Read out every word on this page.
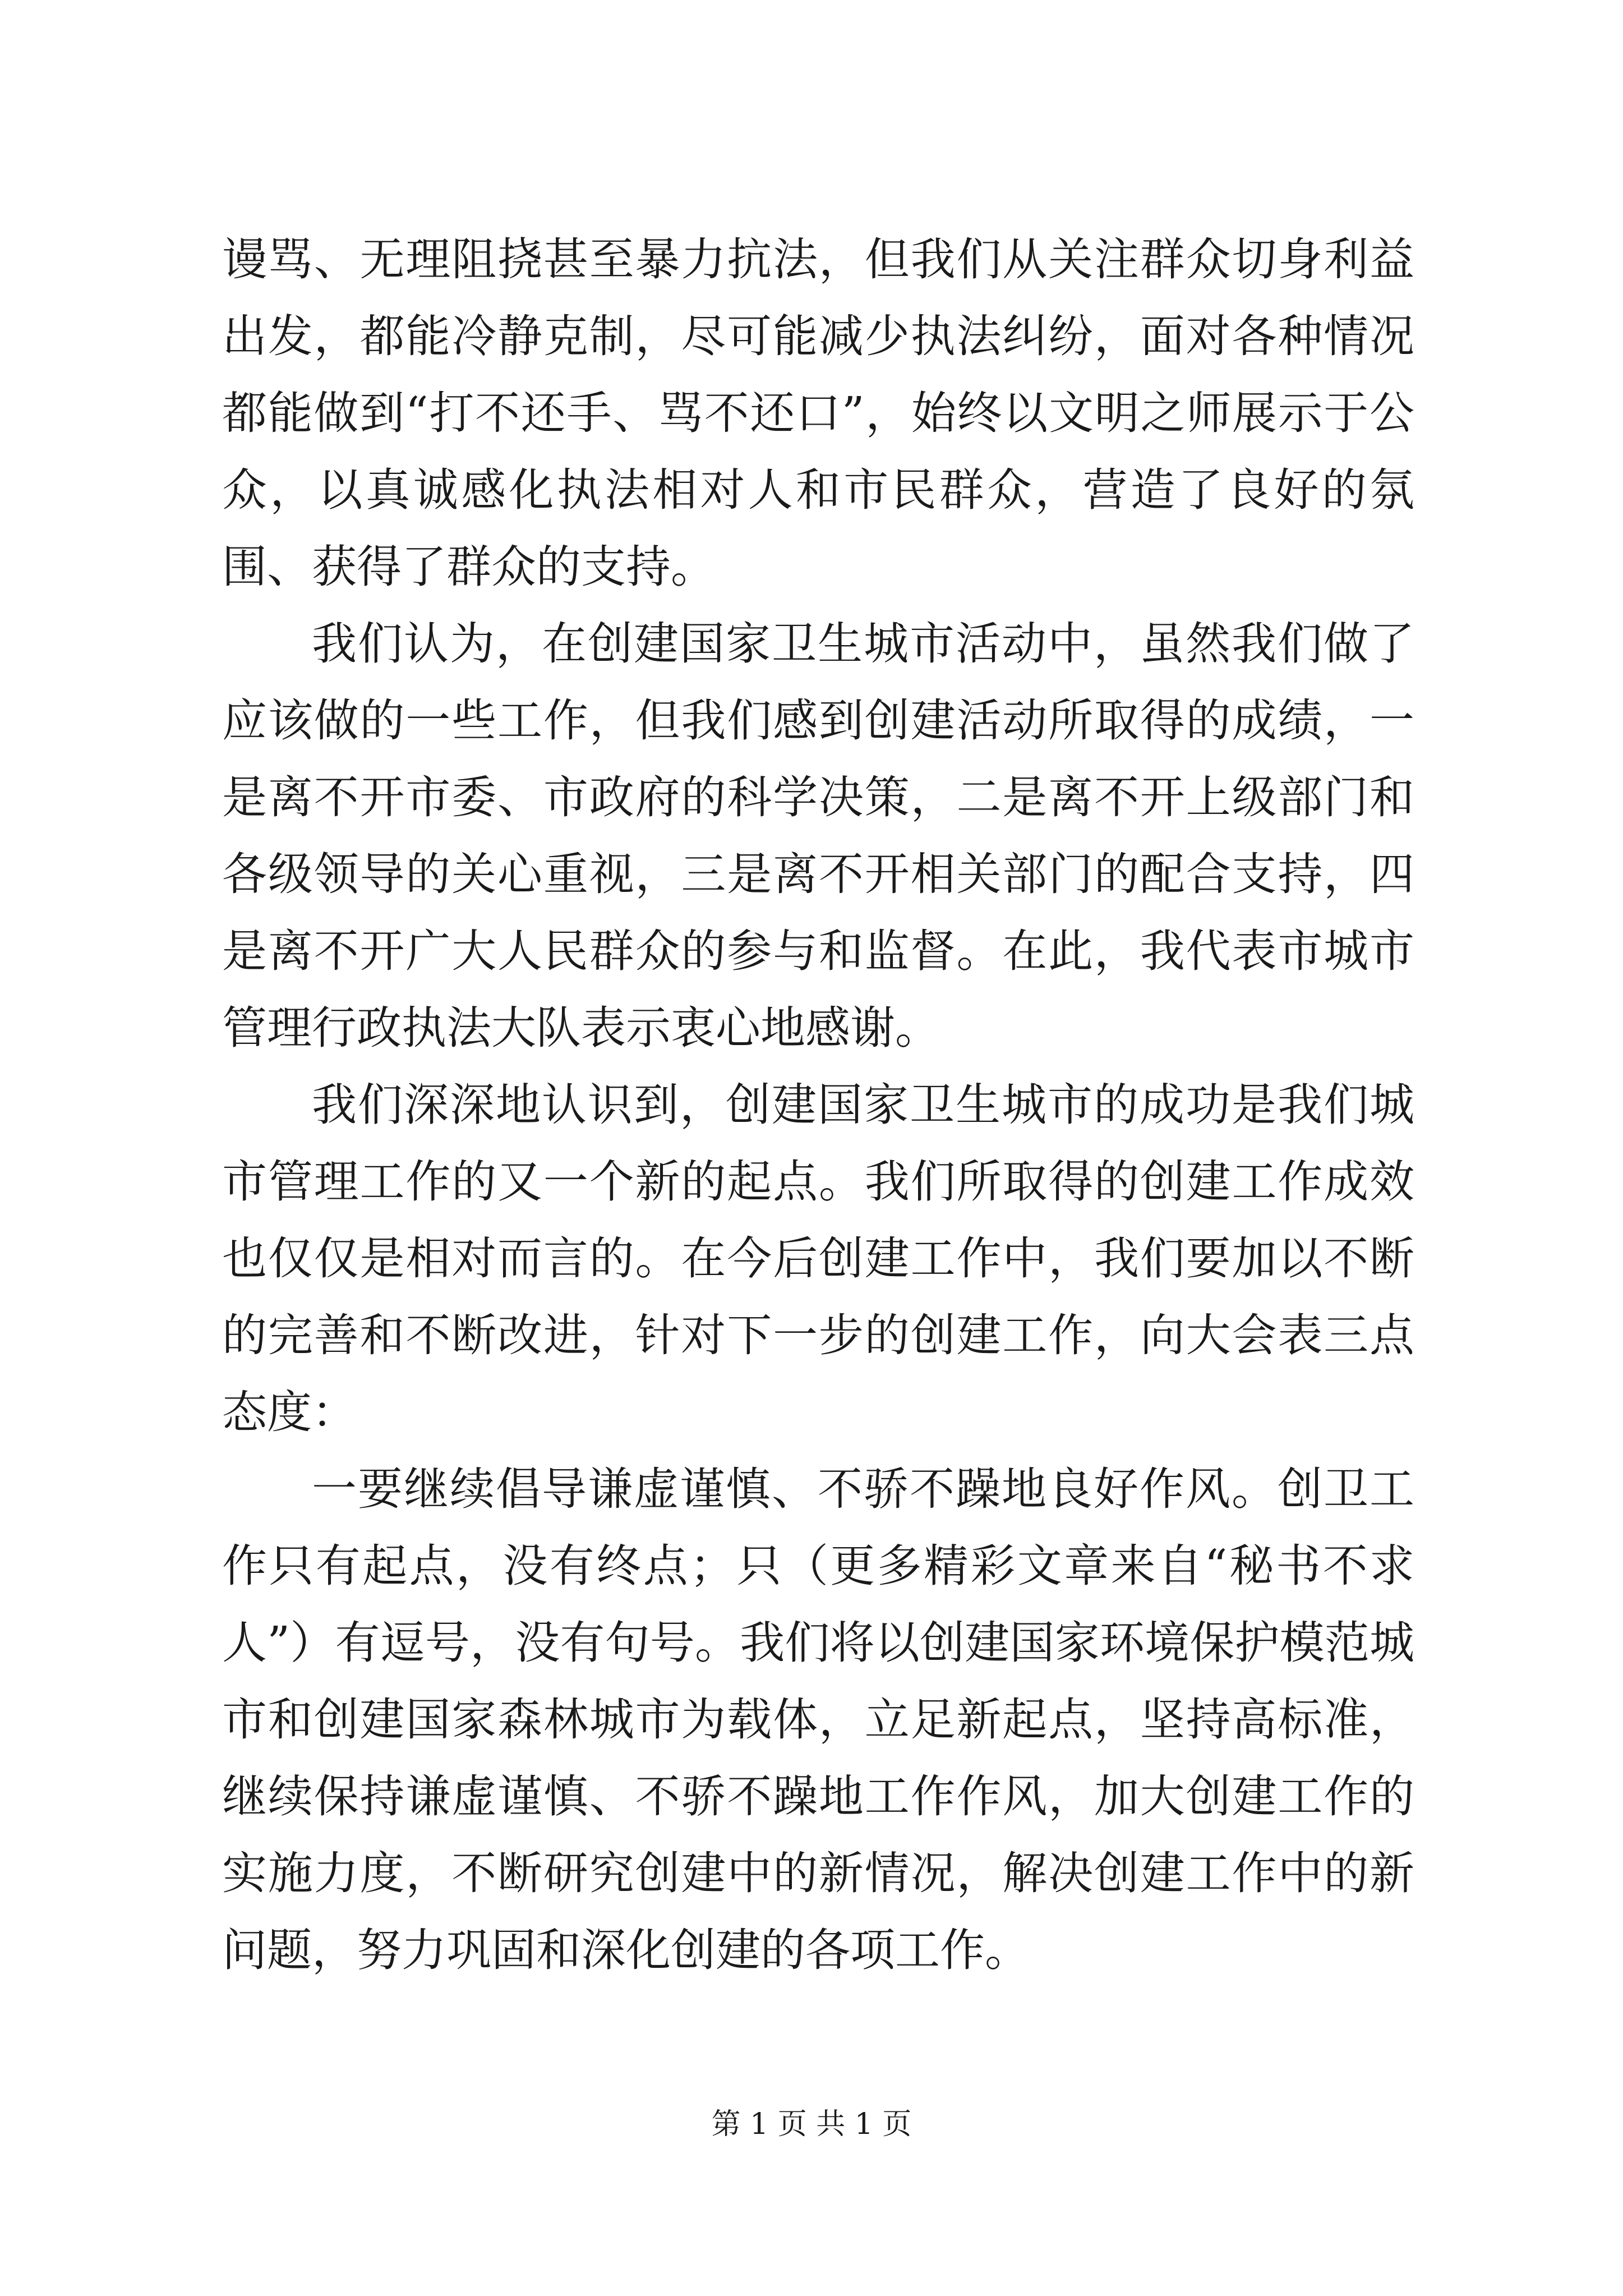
谩骂、无理阻挠甚至暴力抗法，但我们从关注群众切身利益出发，都能冷静克制，尽可能减少执法纠纷，面对各种情况都能做到“打不还手、骂不还口”，始终以文明之师展示于公众，以真诚感化执法相对人和市民群众，营造了良好的氛围、获得了群众的支持。

我们认为，在创建国家卫生城市活动中，虽然我们做了应该做的一些工作，但我们感到创建活动所取得的成绩，一是离不开市委、市政府的科学决策，二是离不开上级部门和各级领导的关心重视，三是离不开相关部门的配合支持，四是离不开广大人民群众的参与和监督。在此，我代表市城市管理行政执法大队表示衷心地感谢。

我们深深地认识到，创建国家卫生城市的成功是我们城市管理工作的又一个新的起点。我们所取得的创建工作成效也仅仅是相对而言的。在今后创建工作中，我们要加以不断的完善和不断改进，针对下一步的创建工作，向大会表三点态度：

一要继续倡导谦虚谨慎、不骄不躁地良好作风。创卫工作只有起点，没有终点；只（更多精彩文章来自“秘书不求人”）有逗号，没有句号。我们将以创建国家环境保护模范城市和创建国家森林城市为载体，立足新起点，坚持高标准，继续保持谦虚谨慎、不骄不躁地工作作风，加大创建工作的实施力度，不断研究创建中的新情况，解决创建工作中的新问题，努力巩固和深化创建的各项工作。

第 1 页 共 1 页
